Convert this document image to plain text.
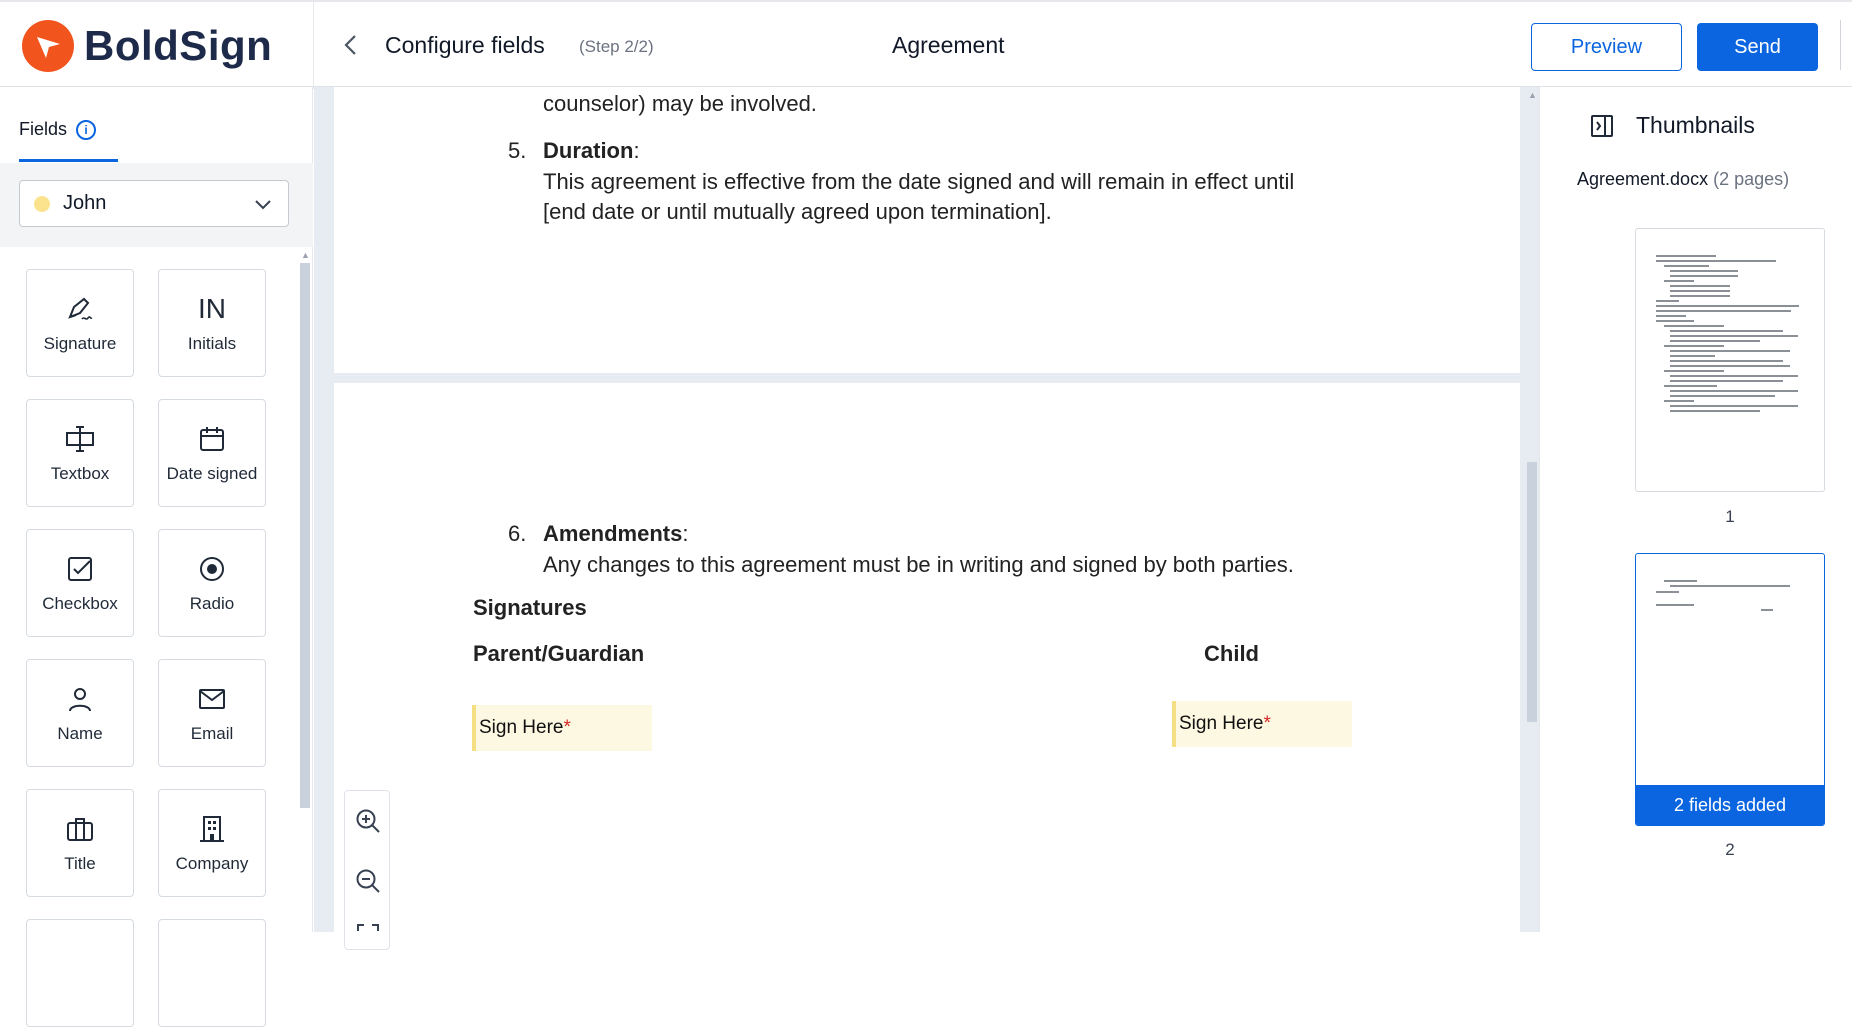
BoldSign	Configure fields (Step 2/2)	Agreement	Preview	Send
Fields	i
John
▲
Signature
IN
Initials
Textbox	Date signed
Checkbox	Radio
Name	Email
Title	Company
counselor) may be involved.
5. Duration:
This agreement is effective from the date signed and will remain in effect until
[end date or until mutually agreed upon termination].
6. Amendments:
Any changes to this agreement must be in writing and signed by both parties.
Signatures
Parent/Guardian	Child
Sign Here *	Sign Here *
▲
Thumbnails
Agreement.docx (2 pages)
1
2 fields added
2
